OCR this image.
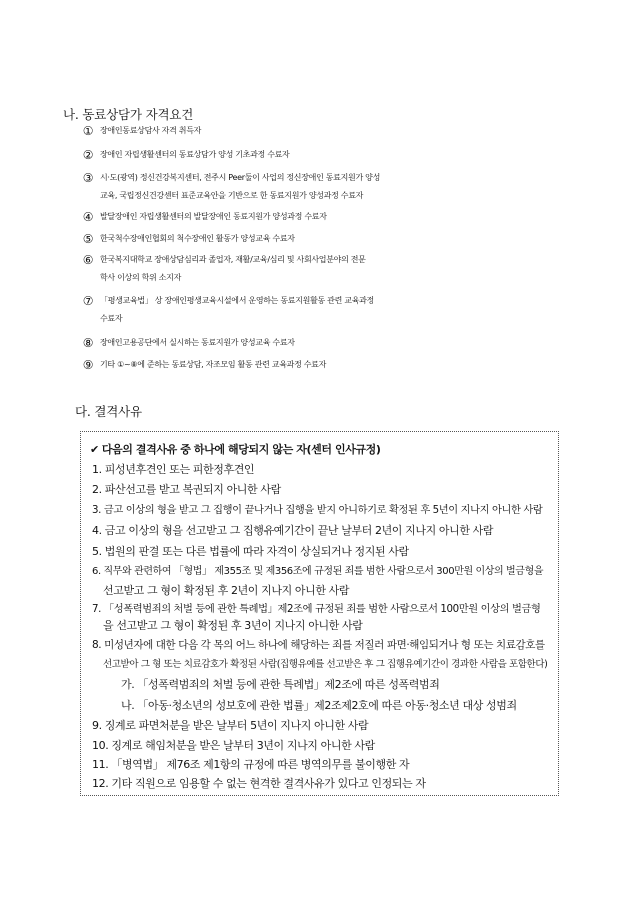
나. 동료상담가 자격요건
① 장애인동료상담사 자격 취득자
② 장애인 자립생활센터의 동료상담가 양성 기초과정 수료자
③ 시·도(광역) 정신건강복지센터, 전주시 Peer둘이 사업의 정신장애인 동료지원가 양성
교육, 국립정신건강센터 표준교육안을 기반으로 한 동료지원가 양성과정 수료자
④ 발달장애인 자립생활센터의 발달장애인 동료지원가 양성과정 수료자
⑤ 한국척수장애인협회의 척수장애인 활동가 양성교육 수료자
⑥ 한국복지대학교 장애상담심리과 졸업자, 재활/교육/심리 및 사회사업분야의 전문
학사 이상의 학위 소지자
⑦ 「평생교육법」 상 장애인평생교육시설에서 운영하는 동료지원활동 관련 교육과정
수료자
⑧ 장애인고용공단에서 실시하는 동료지원가 양성교육 수료자
⑨ 기타 ①~⑧에 준하는 동료상담, 자조모임 활동 관련 교육과정 수료자
다. 결격사유
✔ 다음의 결격사유 중 하나에 해당되지 않는 자(센터 인사규정)
1. 피성년후견인 또는 피한정후견인
2. 파산선고를 받고 복권되지 아니한 사람
3. 금고 이상의 형을 받고 그 집행이 끝나거나 집행을 받지 아니하기로 확정된 후 5년이 지나지 아니한 사람
4. 금고 이상의 형을 선고받고 그 집행유예기간이 끝난 날부터 2년이 지나지 아니한 사람
5. 법원의 판결 또는 다른 법률에 따라 자격이 상실되거나 정지된 사람
6. 직무와 관련하여 「형법」 제355조 및 제356조에 규정된 죄를 범한 사람으로서 300만원 이상의 벌금형을
선고받고 그 형이 확정된 후 2년이 지나지 아니한 사람
7. 「성폭력범죄의 처벌 등에 관한 특례법」제2조에 규정된 죄를 범한 사람으로서 100만원 이상의 벌금형
을 선고받고 그 형이 확정된 후 3년이 지나지 아니한 사람
8. 미성년자에 대한 다음 각 목의 어느 하나에 해당하는 죄를 저질러 파면·해임되거나 형 또는 치료감호를
선고받아 그 형 또는 치료감호가 확정된 사람(집행유예를 선고받은 후 그 집행유예기간이 경과한 사람을 포함한다)
가. 「성폭력범죄의 처벌 등에 관한 특례법」제2조에 따른 성폭력범죄
나. 「아동·청소년의 성보호에 관한 법률」제2조제2호에 따른 아동·청소년 대상 성범죄
9. 징계로 파면처분을 받은 날부터 5년이 지나지 아니한 사람
10. 징계로 해임처분을 받은 날부터 3년이 지나지 아니한 사람
11. 「병역법」 제76조 제1항의 규정에 따른 병역의무를 불이행한 자
12. 기타 직원으로 임용할 수 없는 현격한 결격사유가 있다고 인정되는 자
